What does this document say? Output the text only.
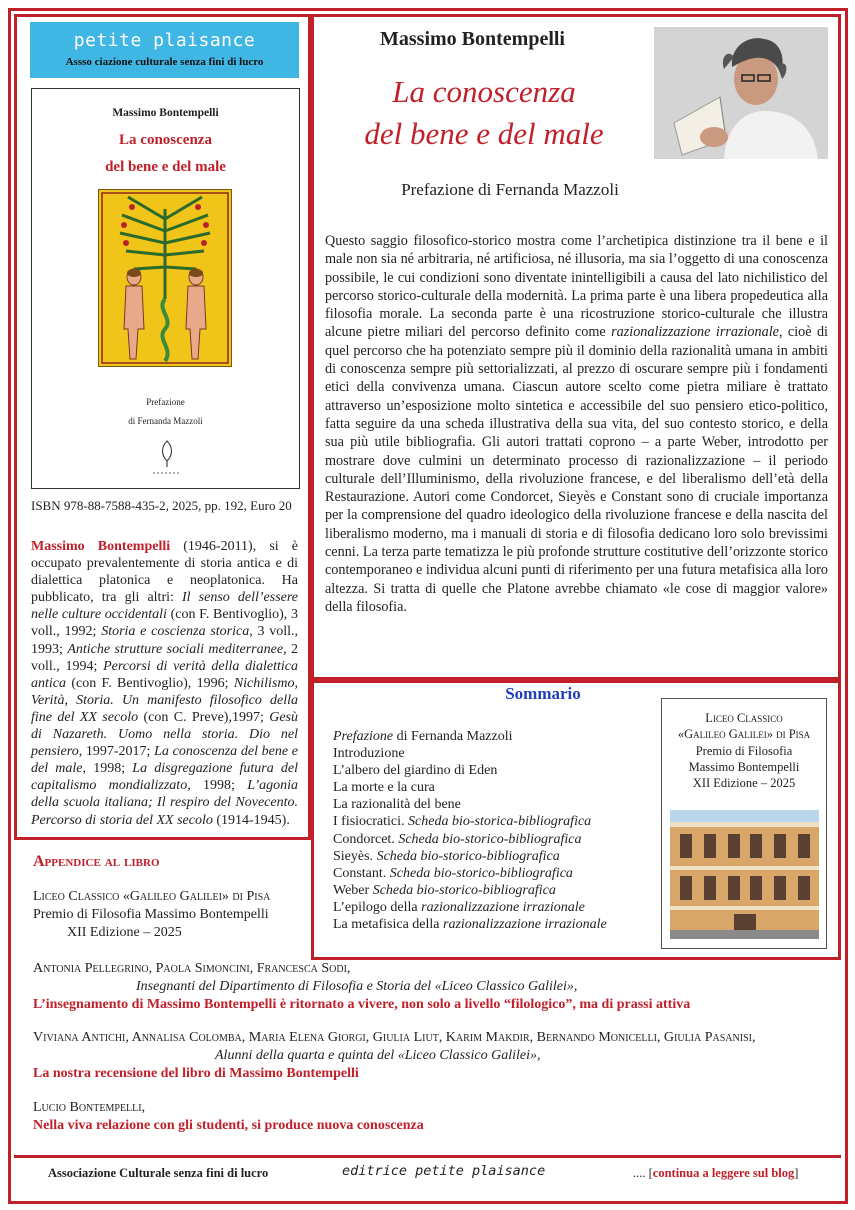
petite plaisance
Assso ciazione culturale senza fini di lucro
Massimo Bontempelli
La conoscenza
del bene e del male
Prefazione
di Fernanda Mazzoli
ISBN 978-88-7588-435-2, 2025, pp. 192, Euro 20
Massimo Bontempelli (1946-2011), si è occupato prevalentemente di storia antica e di dialettica platonica e neoplatonica. Ha pubblicato, tra gli altri: Il senso dell’essere nelle culture occidentali (con F. Bentivoglio), 3 voll., 1992; Storia e coscienza storica, 3 voll., 1993; Antiche strutture sociali mediterranee, 2 voll., 1994; Percorsi di verità della dialettica antica (con F. Bentivoglio), 1996; Nichilismo, Verità, Storia. Un manifesto filosofico della fine del XX secolo (con C. Preve),1997; Gesù di Nazareth. Uomo nella storia. Dio nel pensiero, 1997-2017; La conoscenza del bene e del male, 1998; La disgregazione futura del capitalismo mondializzato, 1998; L’agonia della scuola italiana; Il respiro del Novecento. Percorso di storia del XX secolo (1914-1945).
Massimo Bontempelli
La conoscenza
del bene e del male
Prefazione di Fernanda Mazzoli
Questo saggio filosofico-storico mostra come l’archetipica distinzione tra il bene e il male non sia né arbitraria, né artificiosa, né illusoria, ma sia l’oggetto di una conoscenza possibile, le cui condizioni sono diventate inintelligibili a causa del lato nichilistico del percorso storico-culturale della modernità. La prima parte è una libera propedeutica alla filosofia morale. La seconda parte è una ricostruzione storico-culturale che illustra alcune pietre miliari del percorso definito come razionalizzazione irrazionale, cioè di quel percorso che ha potenziato sempre più il dominio della razionalità umana in ambiti di conoscenza sempre più settorializzati, al prezzo di oscurare sempre più i fondamenti etici della convivenza umana. Ciascun autore scelto come pietra miliare è trattato attraverso un’esposizione molto sintetica e accessibile del suo pensiero etico-politico, fatta seguire da una scheda illustrativa della sua vita, del suo contesto storico, e della sua più utile bibliografia. Gli autori trattati coprono – a parte Weber, introdotto per mostrare dove culmini un determinato processo di razionalizzazione – il periodo culturale dell’Illuminismo, della rivoluzione francese, e del liberalismo dell’età della Restaurazione. Autori come Condorcet, Sieyès e Constant sono di cruciale importanza per la comprensione del quadro ideologico della rivoluzione francese e della nascita del liberalismo moderno, ma i manuali di storia e di filosofia dedicano loro solo brevissimi cenni. La terza parte tematizza le più profonde strutture costitutive dell’orizzonte storico contemporaneo e individua alcuni punti di riferimento per una futura metafisica alla loro altezza. Si tratta di quelle che Platone avrebbe chiamato «le cose di maggior valore» della filosofia.
Sommario
Prefazione di Fernanda Mazzoli
Introduzione
L’albero del giardino di Eden
La morte e la cura
La razionalità del bene
I fisiocratici. Scheda bio-storica-bibliografica
Condorcet. Scheda bio-storico-bibliografica
Sieyès. Scheda bio-storico-bibliografica
Constant. Scheda bio-storico-bibliografica
Weber Scheda bio-storico-bibliografica
L’epilogo della razionalizzazione irrazionale
La metafisica della razionalizzazione irrazionale
Liceo Classico
«Galileo Galilei» di Pisa
Premio di Filosofia
Massimo Bontempelli
XII Edizione – 2025
Appendice al libro
Liceo Classico «Galileo Galilei» di Pisa
Premio di Filosofia Massimo Bontempelli
XII Edizione – 2025
Antonia Pellegrino, Paola Simoncini, Francesca Sodi,
Insegnanti del Dipartimento di Filosofia e Storia del «Liceo Classico Galilei»,
L’insegnamento di Massimo Bontempelli è ritornato a vivere, non solo a livello “filologico”, ma di prassi attiva
Viviana Antichi, Annalisa Colomba, Maria Elena Giorgi, Giulia Liut, Karim Makdir, Bernando Monicelli, Giulia Pasanisi,
Alunni della quarta e quinta del «Liceo Classico Galilei»,
La nostra recensione del libro di Massimo Bontempelli
Lucio Bontempelli,
Nella viva relazione con gli studenti, si produce nuova conoscenza
Associazione Culturale senza fini di lucro	editrice petite plaisance	.... [continua a leggere sul blog]
